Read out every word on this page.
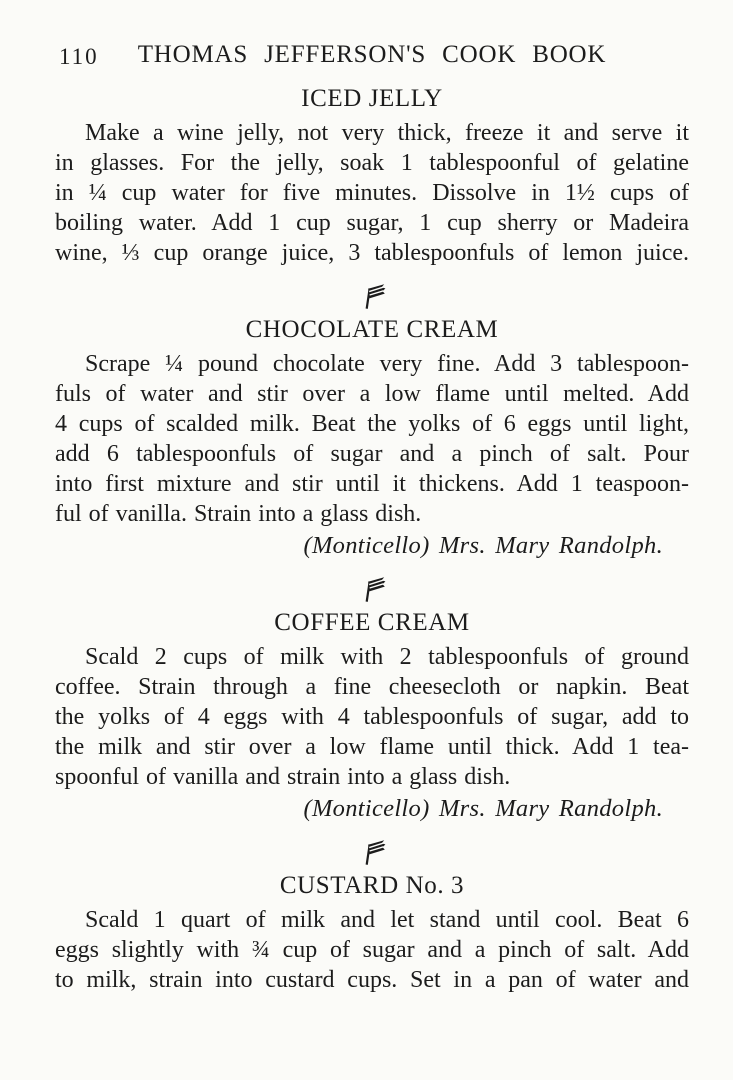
110 THOMAS JEFFERSON'S COOK BOOK
ICED JELLY
Make a wine jelly, not very thick, freeze it and serve it
in glasses. For the jelly, soak 1 tablespoonful of gelatine
in ¼ cup water for five minutes. Dissolve in 1½ cups of
boiling water. Add 1 cup sugar, 1 cup sherry or Madeira
wine, ⅓ cup orange juice, 3 tablespoonfuls of lemon juice.
CHOCOLATE CREAM
Scrape ¼ pound chocolate very fine. Add 3 tablespoon-
fuls of water and stir over a low flame until melted. Add
4 cups of scalded milk. Beat the yolks of 6 eggs until light,
add 6 tablespoonfuls of sugar and a pinch of salt. Pour
into first mixture and stir until it thickens. Add 1 teaspoon-
ful of vanilla. Strain into a glass dish.
(Monticello) Mrs. Mary Randolph.
COFFEE CREAM
Scald 2 cups of milk with 2 tablespoonfuls of ground
coffee. Strain through a fine cheesecloth or napkin. Beat
the yolks of 4 eggs with 4 tablespoonfuls of sugar, add to
the milk and stir over a low flame until thick. Add 1 tea-
spoonful of vanilla and strain into a glass dish.
(Monticello) Mrs. Mary Randolph.
CUSTARD No. 3
Scald 1 quart of milk and let stand until cool. Beat 6
eggs slightly with ¾ cup of sugar and a pinch of salt. Add
to milk, strain into custard cups. Set in a pan of water and
